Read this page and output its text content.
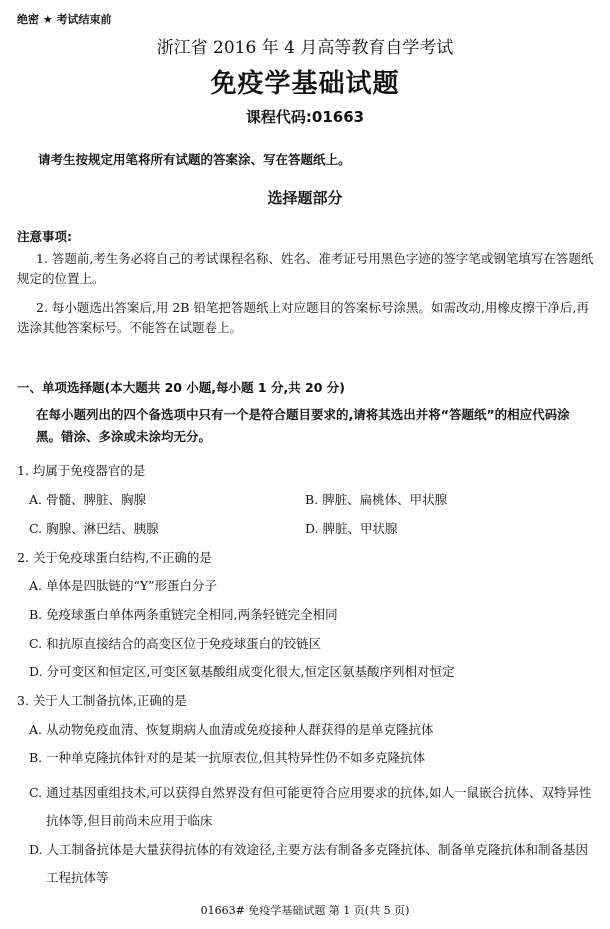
绝密 ★ 考试结束前
浙江省 2016 年 4 月高等教育自学考试
免疫学基础试题
课程代码:01663
请考生按规定用笔将所有试题的答案涂、写在答题纸上。
选择题部分
注意事项:
1. 答题前,考生务必将自己的考试课程名称、姓名、准考证号用黑色字迹的签字笔或钢笔填写在答题纸规定的位置上。
2. 每小题选出答案后,用 2B 铅笔把答题纸上对应题目的答案标号涂黑。如需改动,用橡皮擦干净后,再选涂其他答案标号。不能答在试题卷上。
一、单项选择题(本大题共 20 小题,每小题 1 分,共 20 分)
在每小题列出的四个备选项中只有一个是符合题目要求的,请将其选出并将“答题纸”的相应代码涂黑。错涂、多涂或未涂均无分。
1. 均属于免疫器官的是
A. 骨髓、脾脏、胸腺	B. 脾脏、扁桃体、甲状腺
C. 胸腺、淋巴结、胰腺	D. 脾脏、甲状腺
2. 关于免疫球蛋白结构,不正确的是
A. 单体是四肽链的“Y”形蛋白分子
B. 免疫球蛋白单体两条重链完全相同,两条轻链完全相同
C. 和抗原直接结合的高变区位于免疫球蛋白的铰链区
D. 分可变区和恒定区,可变区氨基酸组成变化很大,恒定区氨基酸序列相对恒定
3. 关于人工制备抗体,正确的是
A. 从动物免疫血清、恢复期病人血清或免疫接种人群获得的是单克隆抗体
B. 一种单克隆抗体针对的是某一抗原表位,但其特异性仍不如多克隆抗体
C. 通过基因重组技术,可以获得自然界没有但可能更符合应用要求的抗体,如人一鼠嵌合抗体、双特异性抗体等,但目前尚未应用于临床
D. 人工制备抗体是大量获得抗体的有效途径,主要方法有制备多克隆抗体、制备单克隆抗体和制备基因工程抗体等
01663# 免疫学基础试题 第 1 页(共 5 页)
